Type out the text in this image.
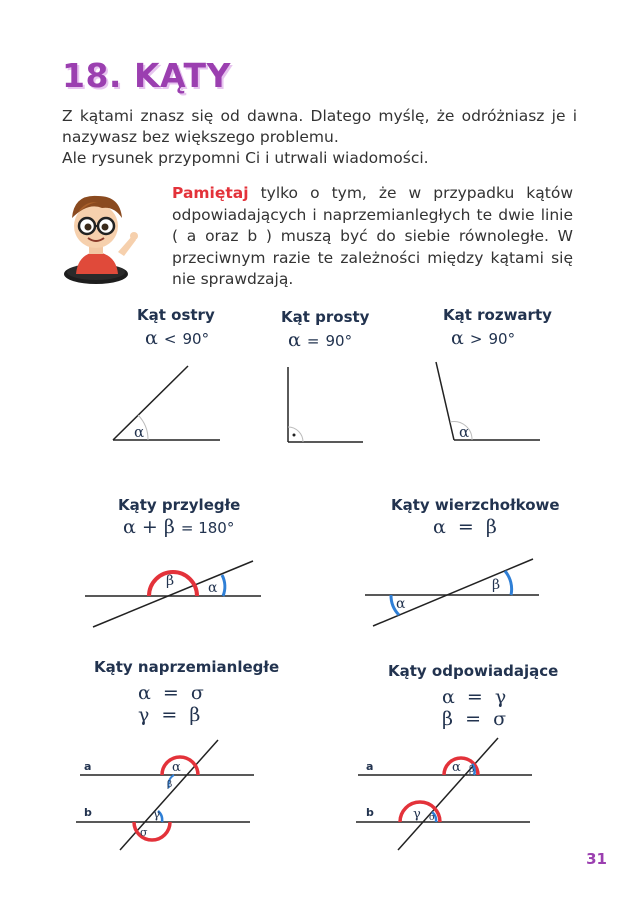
18. KĄTY

Z kątami znasz się od dawna. Dlatego myślę, że odróżniasz je i nazywasz bez większego problemu.

Ale rysunek przypomni Ci i utrwali wiadomości.

Pamiętaj tylko o tym, że w przypadku kątów odpowiadających i naprzemianległych te dwie linie ( a oraz b ) muszą być do siebie równoległe. W przeciwnym razie te zależności między kątami się nie sprawdzają.
Kąt ostry
α < 90°
Kąt prosty
α = 90°
Kąt rozwarty
α > 90°
α	α
Kąty przyległe
α + β = 180°
Kąty wierzchołkowe
α  =  β
β α
α
β
Kąty naprzemianległe
α  =  σ
γ  =  β
Kąty odpowiadające
α  =  γ
β  =  σ
a
b
α
β
γ
σ
a
b
α β
γ σ
31
